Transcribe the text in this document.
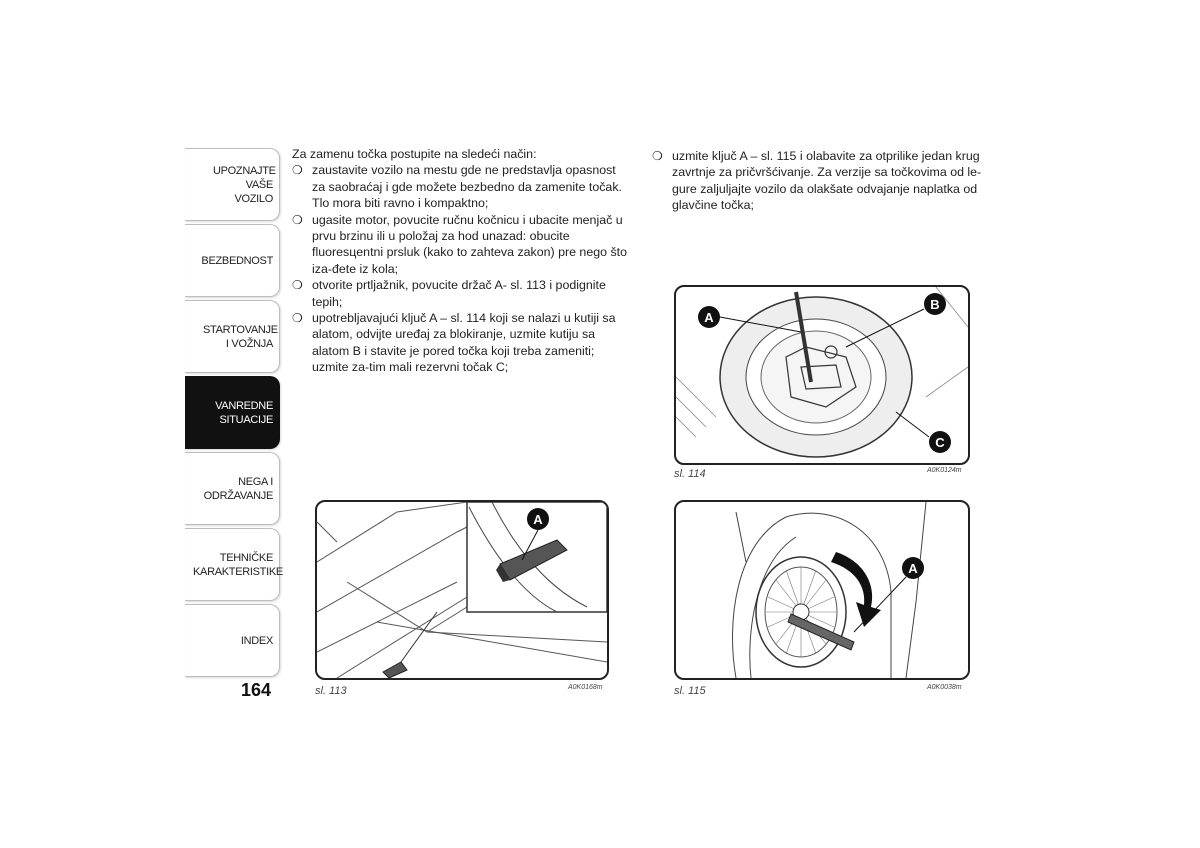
UPOZNAJTE VAŠE VOZILO
BEZBEDNOST
STARTOVANJE I VOŽNJA
VANREDNE SITUACIJE
NEGA I ODRŽAVANJE
TEHNIČKE KARAKTERISTIKE
INDEX
164

Za zamenu točka postupite na sledeći način:

❍ zaustavite vozilo na mestu gde ne predstavlja opasnost za saobraćaj i gde možete bezbedno da zamenite točak. Tlo mora biti ravno i kompaktno;

❍ ugasite motor, povucite ručnu kočnicu i ubacite menjač u prvu brzinu ili u položaj za hod unazad: obucite fluoresцentni prsluk (kako to zahteva zakon) pre nego što iza-đete iz kola;

❍ otvorite prtljažnik, povucite držač A- sl. 113 i podignite tepih;

❍ upotrebljavajući ključ A – sl. 114 koji se nalazi u kutiji sa alatom, odvijte uređaj za blokiranje, uzmite kutiju sa alatom B i stavite je pored točka koji treba zameniti; uzmite za-tim mali rezervni točak C;

❍ uzmite ključ A – sl. 115 i olabavite za otprilike jedan krug zavrtnje za pričvršćivanje. Za verzije sa točkovima od le-gure zaljuljajte vozilo da olakšate odvajanje naplatka od glavčine točka;

A
sl. 113	A0K0168m
A
B
C
sl. 114	A0K0124m
A
sl. 115	A0K0038m
